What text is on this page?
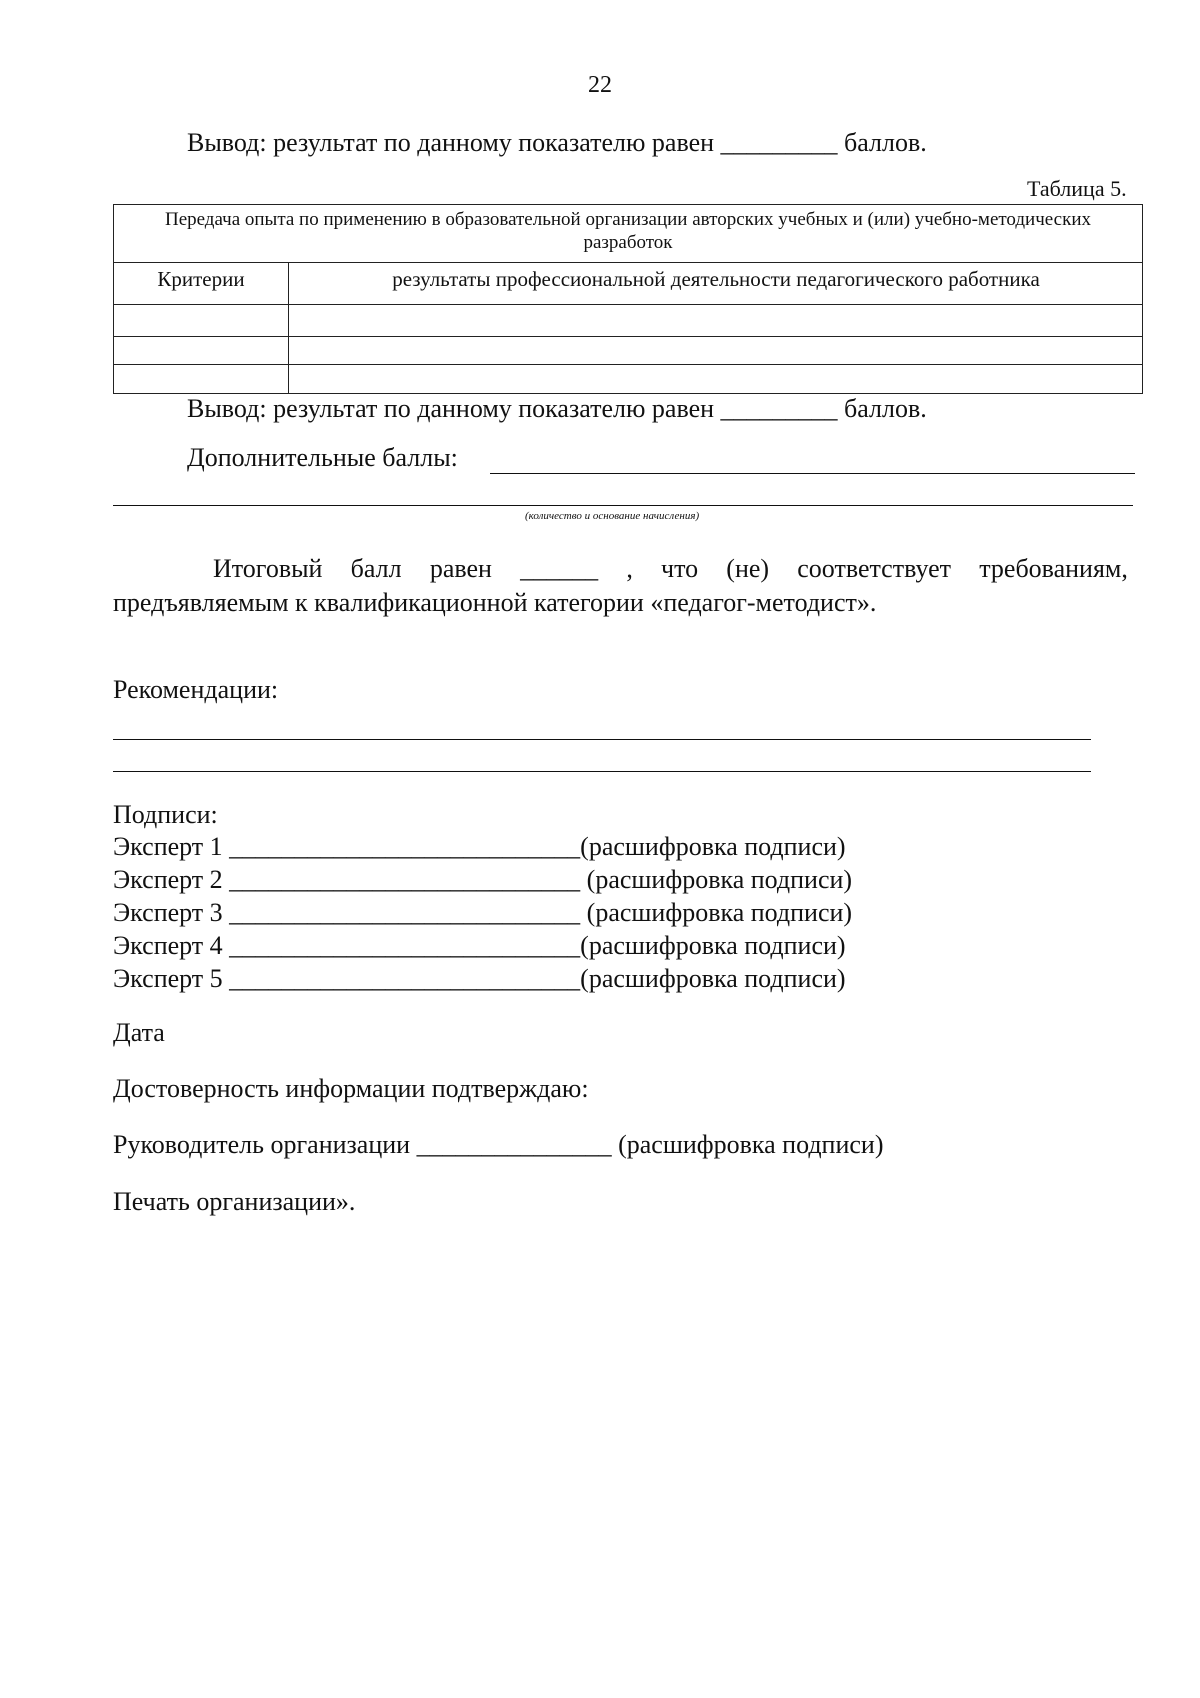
22
Вывод: результат по данному показателю равен _________ баллов.
Таблица 5.
Передача опыта по применению в образовательной организации авторских учебных и (или) учебно-методических разработок
Критерии	результаты профессиональной деятельности педагогического работника
Вывод: результат по данному показателю равен _________ баллов.
Дополнительные баллы:
(количество и основание начисления)
Итоговый балл равен ______ , что (не) соответствует требованиям,
предъявляемым к квалификационной категории «педагог-методист».
Рекомендации:
Подписи:
Эксперт 1 ___________________________(расшифровка подписи)
Эксперт 2 ___________________________ (расшифровка подписи)
Эксперт 3 ___________________________ (расшифровка подписи)
Эксперт 4 ___________________________(расшифровка подписи)
Эксперт 5 ___________________________(расшифровка подписи)
Дата
Достоверность информации подтверждаю:
Руководитель организации _______________ (расшифровка подписи)
Печать организации».
